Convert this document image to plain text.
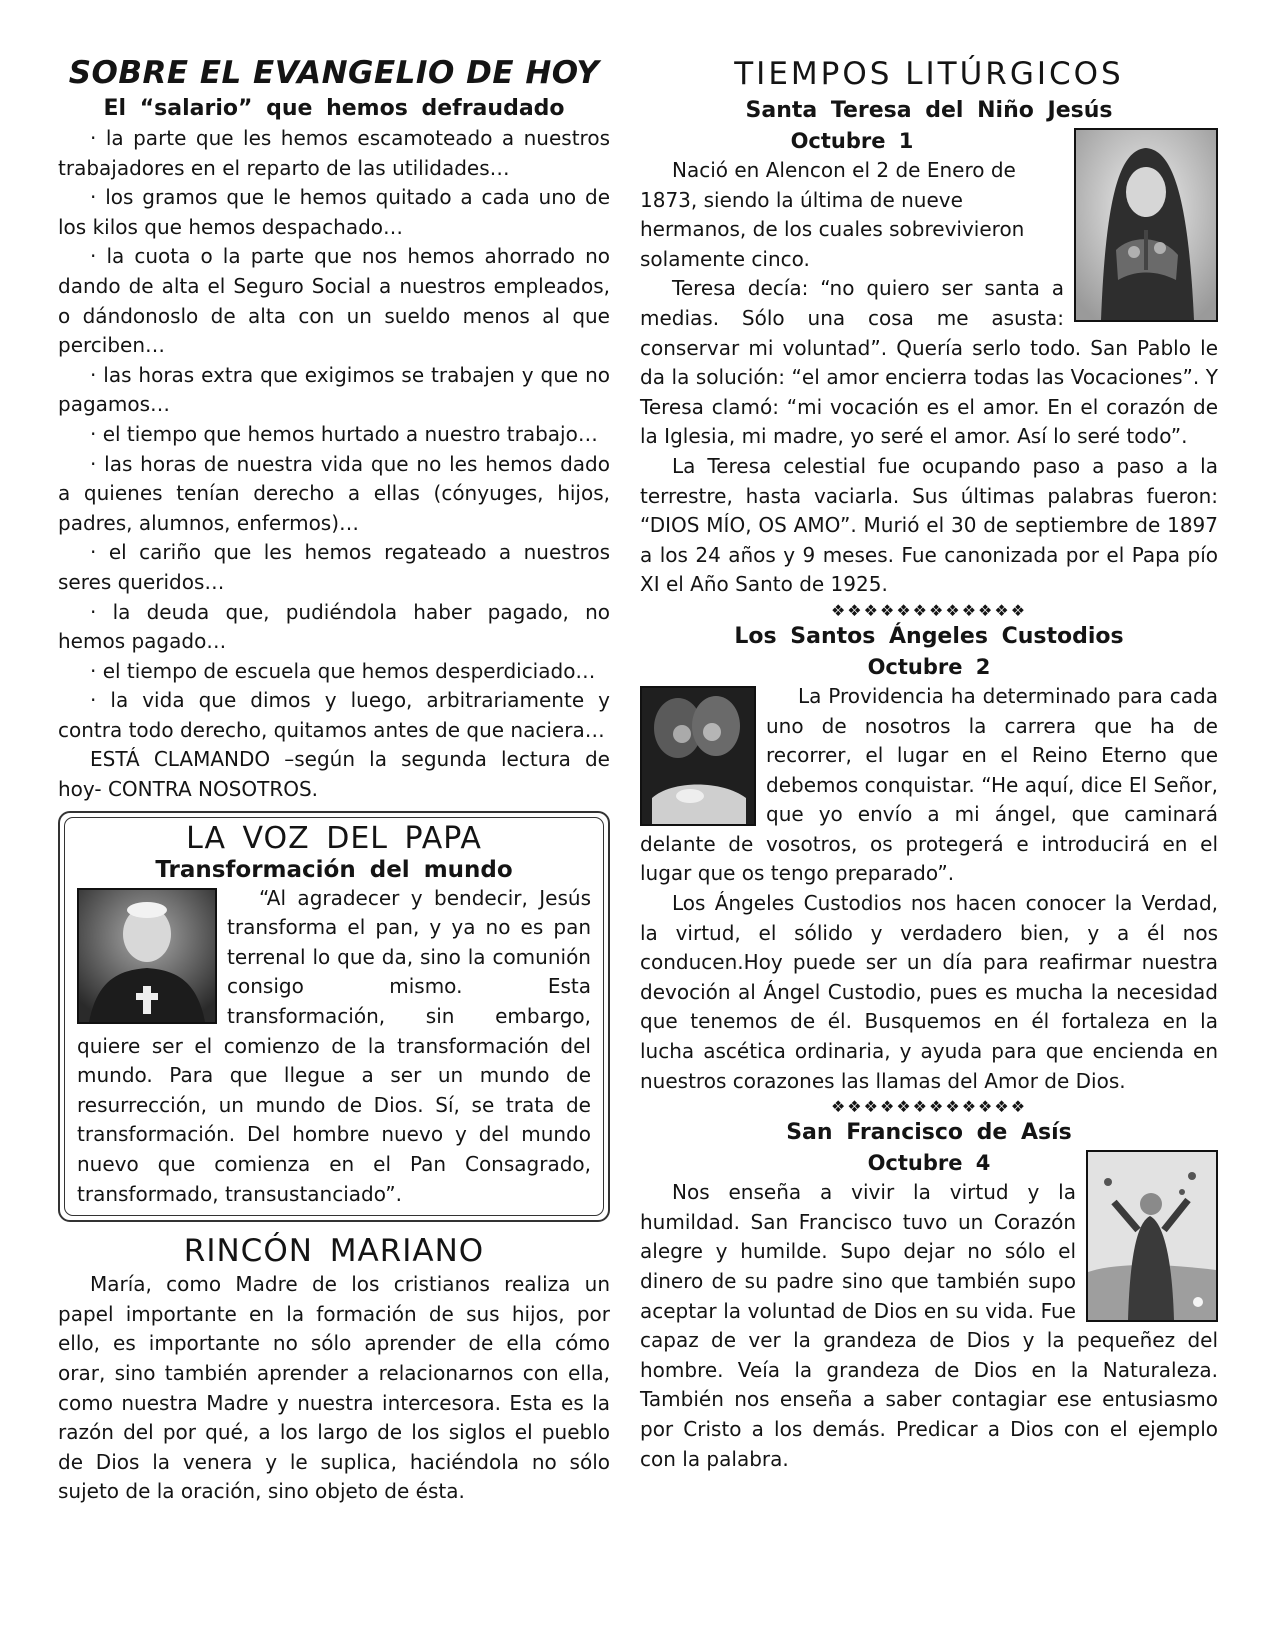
SOBRE EL EVANGELIO DE HOY
El “salario” que hemos defraudado

· la parte que les hemos escamoteado a nuestros trabajadores en el reparto de las utilidades…

· los gramos que le hemos quitado a cada uno de los kilos que hemos despachado…

· la cuota o la parte que nos hemos ahorrado no dando de alta el Seguro Social a nuestros empleados, o dándonoslo de alta con un sueldo menos al que perciben…

· las horas extra que exigimos se trabajen y que no pagamos…

· el tiempo que hemos hurtado a nuestro trabajo…

· las horas de nuestra vida que no les hemos dado a quienes tenían derecho a ellas (cónyuges, hijos, padres, alumnos, enfermos)…

· el cariño que les hemos regateado a nuestros seres queridos…

· la deuda que, pudiéndola haber pagado, no hemos pagado…

· el tiempo de escuela que hemos desperdiciado…

· la vida que dimos y luego, arbitrariamente y contra todo derecho, quitamos antes de que naciera…

ESTÁ CLAMANDO –según la segunda lectura de hoy- CONTRA NOSOTROS.

LA VOZ DEL PAPA
Transformación del mundo

“Al agradecer y bendecir, Jesús transforma el pan, y ya no es pan terrenal lo que da, sino la comunión consigo mismo. Esta transformación, sin embargo, quiere ser el comienzo de la transformación del mundo. Para que llegue a ser un mundo de resurrección, un mundo de Dios. Sí, se trata de transformación. Del hombre nuevo y del mundo nuevo que comienza en el Pan Consagrado, transformado, transustanciado”.

RINCÓN MARIANO

María, como Madre de los cristianos realiza un papel importante en la formación de sus hijos, por ello, es importante no sólo aprender de ella cómo orar, sino también aprender a relacionarnos con ella, como nuestra Madre y nuestra intercesora. Esta es la razón del por qué, a los largo de los siglos el pueblo de Dios la venera y le suplica, haciéndola no sólo sujeto de la oración, sino objeto de ésta.

TIEMPOS LITÚRGICOS
Santa Teresa del Niño Jesús
Octubre 1

Nació en Alencon el 2 de Enero de 1873, siendo la última de nueve hermanos, de los cuales sobrevivieron solamente cinco.

Teresa decía: “no quiero ser santa a medias. Sólo una cosa me asusta: conservar mi voluntad”. Quería serlo todo. San Pablo le da la solución: “el amor encierra todas las Vocaciones”. Y Teresa clamó: “mi vocación es el amor. En el corazón de la Iglesia, mi madre, yo seré el amor. Así lo seré todo”.

La Teresa celestial fue ocupando paso a paso a la terrestre, hasta vaciarla. Sus últimas palabras fueron: “DIOS MÍO, OS AMO”. Murió el 30 de septiembre de 1897 a los 24 años y 9 meses. Fue canonizada por el Papa pío XI el Año Santo de 1925.

❖❖❖❖❖❖❖❖❖❖❖❖
Los Santos Ángeles Custodios
Octubre 2

La Providencia ha determinado para cada uno de nosotros la carrera que ha de recorrer, el lugar en el Reino Eterno que debemos conquistar. “He aquí, dice El Señor, que yo envío a mi ángel, que caminará delante de vosotros, os protegerá e introducirá en el lugar que os tengo preparado”.

Los Ángeles Custodios nos hacen conocer la Verdad, la virtud, el sólido y verdadero bien, y a él nos conducen.Hoy puede ser un día para reafirmar nuestra devoción al Ángel Custodio, pues es mucha la necesidad que tenemos de él. Busquemos en él fortaleza en la lucha ascética ordinaria, y ayuda para que encienda en nuestros corazones las llamas del Amor de Dios.

❖❖❖❖❖❖❖❖❖❖❖❖
San Francisco de Asís
Octubre 4

Nos enseña a vivir la virtud y la humildad. San Francisco tuvo un Corazón alegre y humilde. Supo dejar no sólo el dinero de su padre sino que también supo aceptar la voluntad de Dios en su vida. Fue capaz de ver la grandeza de Dios y la pequeñez del hombre. Veía la grandeza de Dios en la Naturaleza. También nos enseña a saber contagiar ese entusiasmo por Cristo a los demás. Predicar a Dios con el ejemplo con la palabra.
